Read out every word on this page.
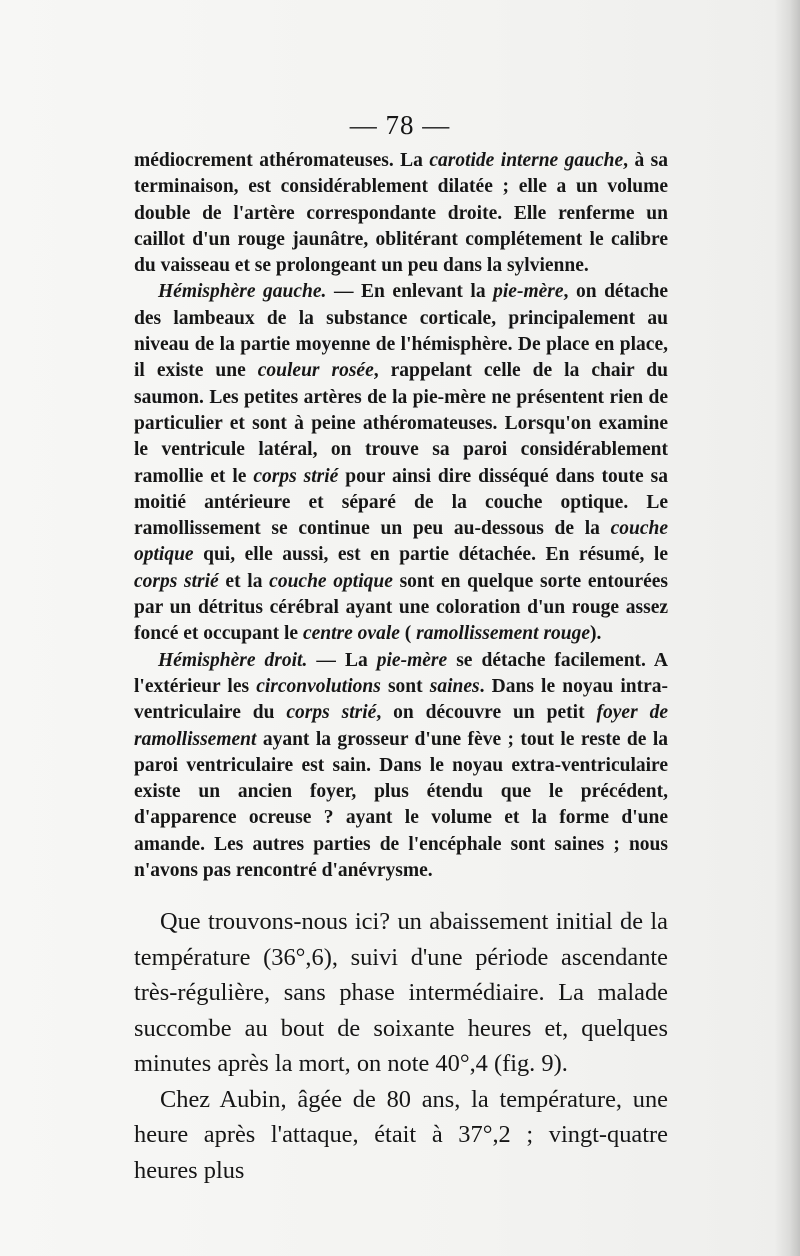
— 78 —

médiocrement athéromateuses. La carotide interne gauche, à sa terminaison, est considérablement dilatée ; elle a un volume double de l'artère correspondante droite. Elle renferme un caillot d'un rouge jaunâtre, oblitérant complétement le calibre du vaisseau et se prolongeant un peu dans la sylvienne.

Hémisphère gauche. — En enlevant la pie-mère, on détache des lambeaux de la substance corticale, principalement au niveau de la partie moyenne de l'hémisphère. De place en place, il existe une couleur rosée, rappelant celle de la chair du saumon. Les petites artères de la pie-mère ne présentent rien de particulier et sont à peine athéromateuses. Lorsqu'on examine le ventricule latéral, on trouve sa paroi considérablement ramollie et le corps strié pour ainsi dire disséqué dans toute sa moitié antérieure et séparé de la couche optique. Le ramollissement se continue un peu au-dessous de la couche optique qui, elle aussi, est en partie détachée. En résumé, le corps strié et la couche optique sont en quelque sorte entourées par un détritus cérébral ayant une coloration d'un rouge assez foncé et occupant le centre ovale ( ramollissement rouge).

Hémisphère droit. — La pie-mère se détache facilement. A l'extérieur les circonvolutions sont saines. Dans le noyau intra-ventriculaire du corps strié, on découvre un petit foyer de ramollissement ayant la grosseur d'une fève ; tout le reste de la paroi ventriculaire est sain. Dans le noyau extra-ventriculaire existe un ancien foyer, plus étendu que le précédent, d'apparence ocreuse ? ayant le volume et la forme d'une amande. Les autres parties de l'encéphale sont saines ; nous n'avons pas rencontré d'anévrysme.

Que trouvons-nous ici? un abaissement initial de la température (36°,6), suivi d'une période ascendante très-régulière, sans phase intermédiaire. La malade succombe au bout de soixante heures et, quelques minutes après la mort, on note 40°,4 (fig. 9).

Chez Aubin, âgée de 80 ans, la température, une heure après l'attaque, était à 37°,2 ; vingt-quatre heures plus
